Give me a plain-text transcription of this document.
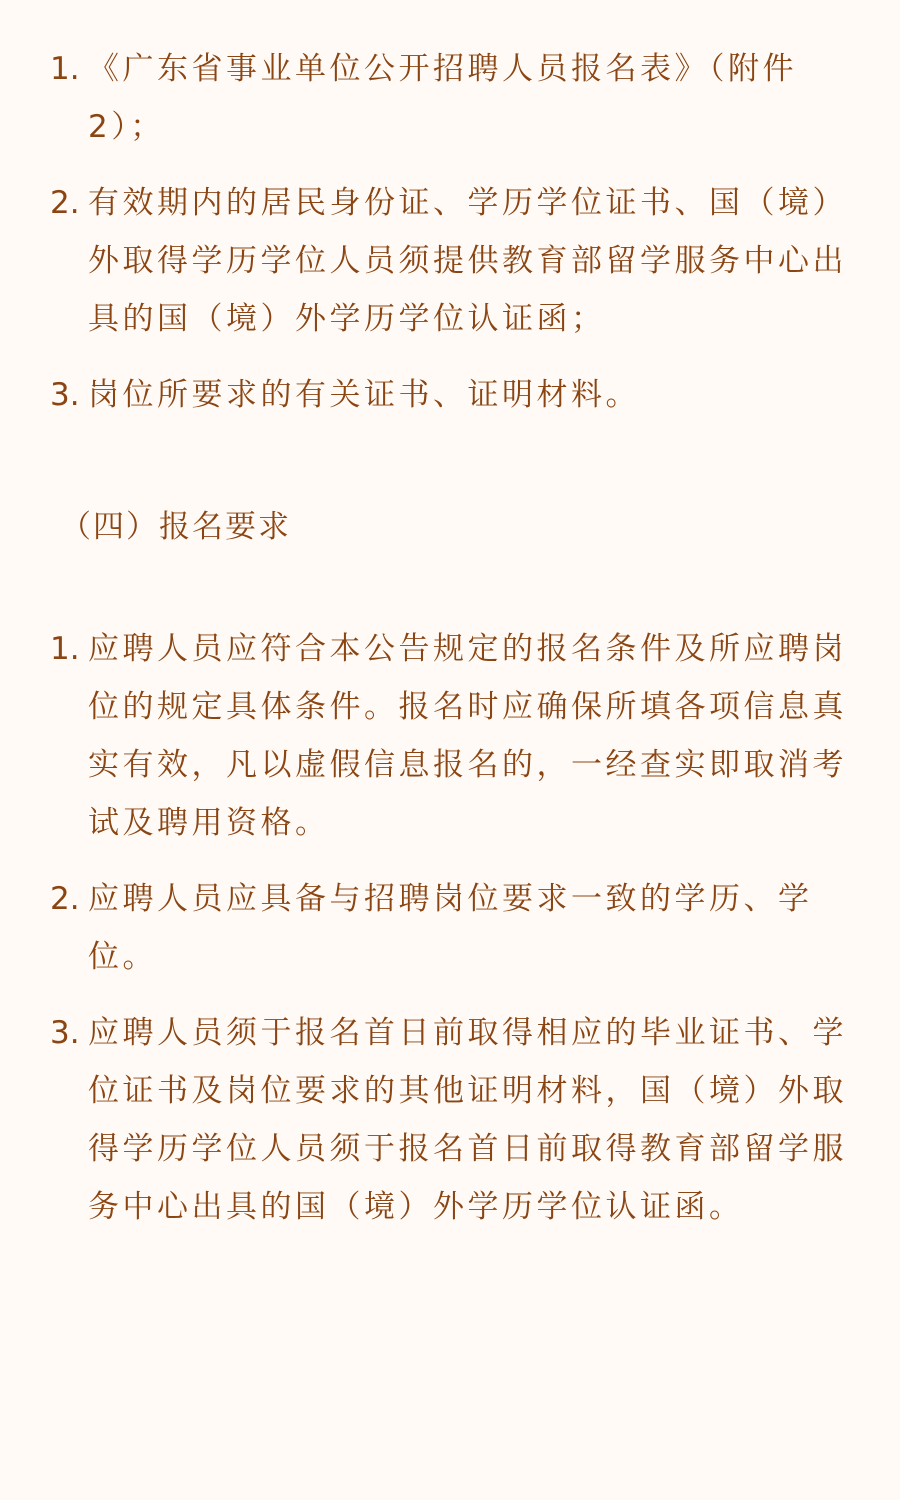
1. 《广东省事业单位公开招聘人员报名表》（附件2）；
2. 有效期内的居民身份证、学历学位证书、国（境）外取得学历学位人员须提供教育部留学服务中心出具的国（境）外学历学位认证函；
3. 岗位所要求的有关证书、证明材料。
（四）报名要求
1. 应聘人员应符合本公告规定的报名条件及所应聘岗位的规定具体条件。报名时应确保所填各项信息真实有效，凡以虚假信息报名的，一经查实即取消考试及聘用资格。
2. 应聘人员应具备与招聘岗位要求一致的学历、学位。
3. 应聘人员须于报名首日前取得相应的毕业证书、学位证书及岗位要求的其他证明材料，国（境）外取得学历学位人员须于报名首日前取得教育部留学服务中心出具的国（境）外学历学位认证函。
